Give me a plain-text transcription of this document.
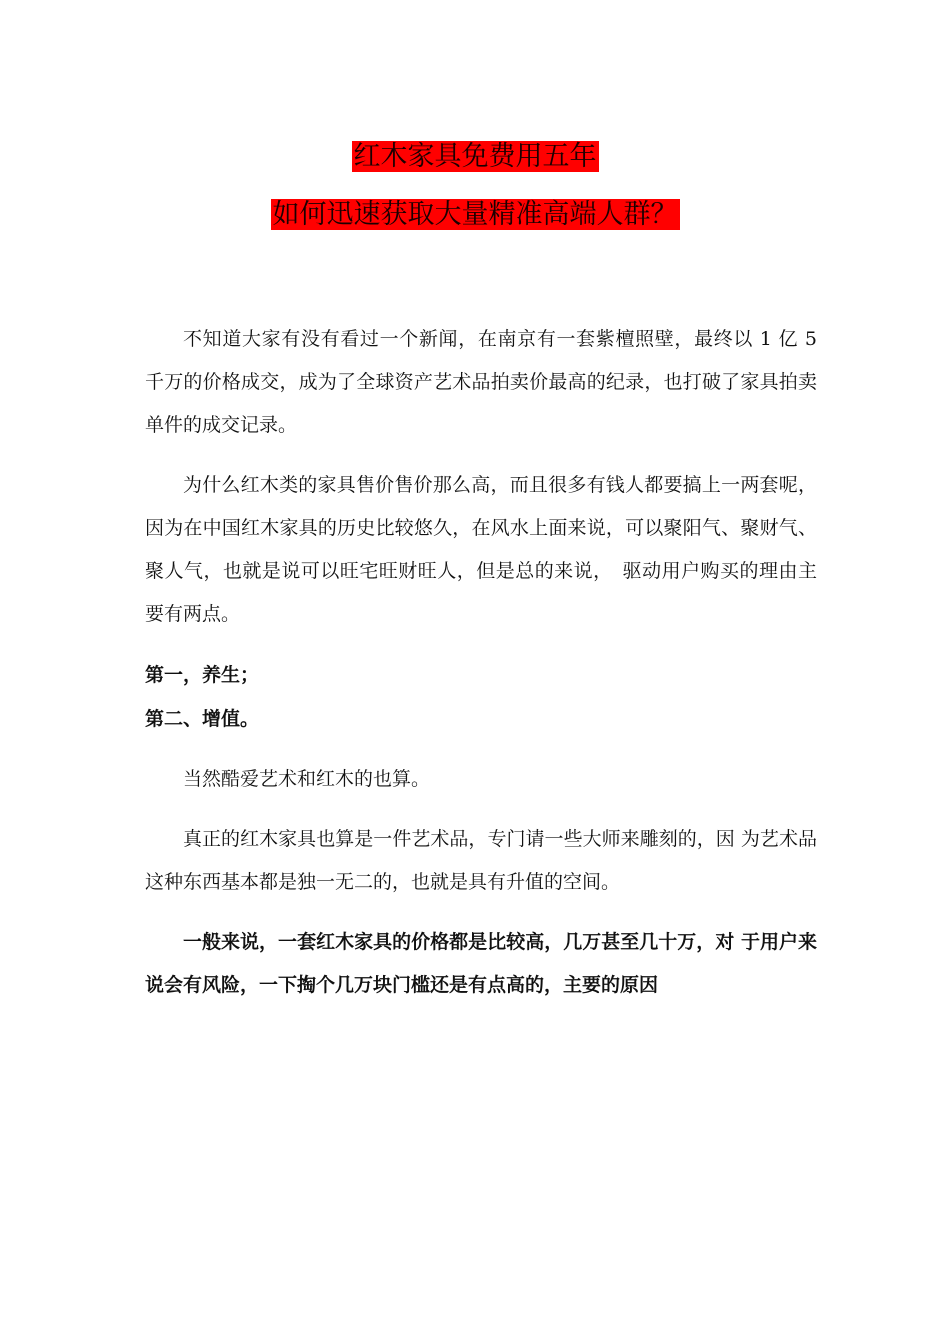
红木家具免费用五年
如何迅速获取大量精准高端人群？

不知道大家有没有看过一个新闻，在南京有一套紫檀照壁，最终以 1 亿 5 千万的价格成交，成为了全球资产艺术品拍卖价最高的纪录，也打破了家具拍卖单件的成交记录。

为什么红木类的家具售价售价那么高，而且很多有钱人都要搞上一两套呢，因为在中国红木家具的历史比较悠久，在风水上面来说，可以聚阳气、聚财气、聚人气，也就是说可以旺宅旺财旺人，但是总的来说，　驱动用户购买的理由主要有两点。

第一，养生；

第二、增值。

当然酷爱艺术和红木的也算。

真正的红木家具也算是一件艺术品，专门请一些大师来雕刻的，因 为艺术品这种东西基本都是独一无二的，也就是具有升值的空间。

一般来说，一套红木家具的价格都是比较高，几万甚至几十万，对 于用户来说会有风险，一下掏个几万块门槛还是有点高的，主要的原因
